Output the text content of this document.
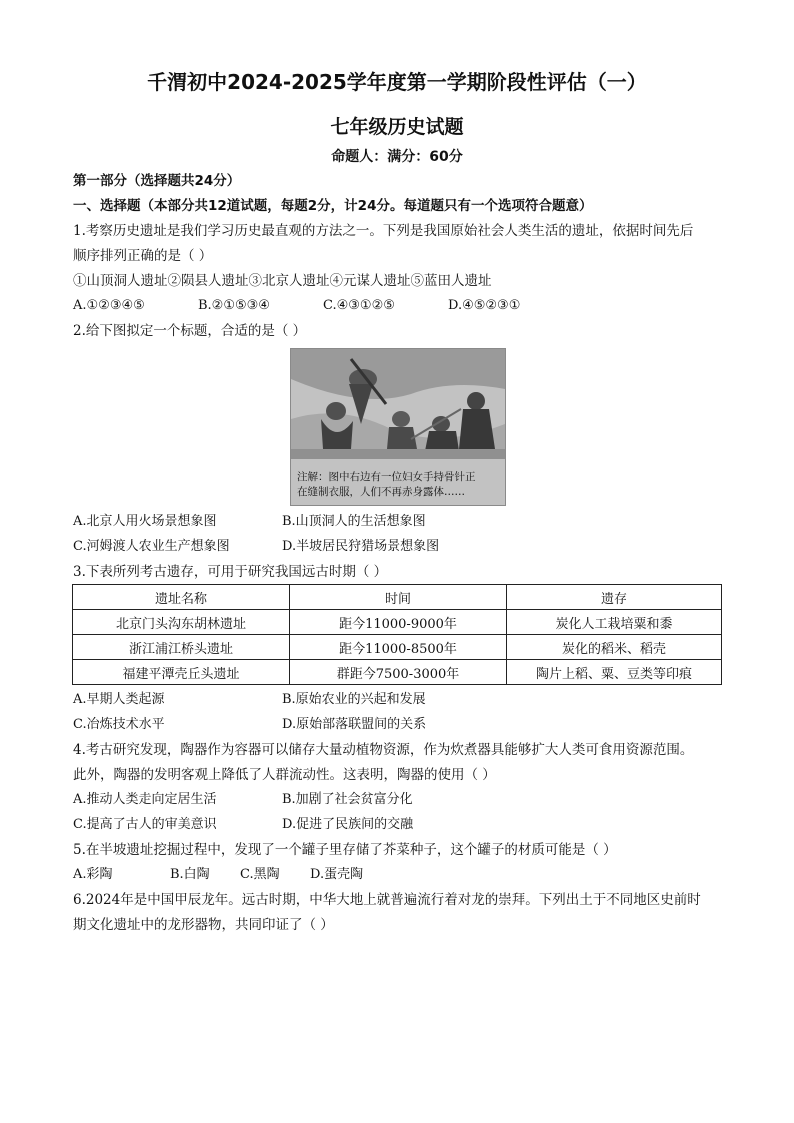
千渭初中2024-2025学年度第一学期阶段性评估（一）
七年级历史试题
命题人：满分：60分
第一部分（选择题共24分）
一、选择题（本部分共12道试题，每题2分，计24分。每道题只有一个选项符合题意）
1.考察历史遗址是我们学习历史最直观的方法之一。下列是我国原始社会人类生活的遗址，依据时间先后
顺序排列正确的是（ ）
①山顶洞人遗址②陨县人遗址③北京人遗址④元谋人遗址⑤蓝田人遗址
A.①②③④⑤	B.②①⑤③④	C.④③①②⑤	D.④⑤②③①
2.给下图拟定一个标题，合适的是（ ）
注解：图中右边有一位妇女手持骨针正
在缝制衣服，人们不再赤身露体……
A.北京人用火场景想象图	B.山顶洞人的生活想象图
C.河姆渡人农业生产想象图	D.半坡居民狩猎场景想象图
3.下表所列考古遗存，可用于研究我国远古时期（ ）
遗址名称	时间	遗存
北京门头沟东胡林遗址	距今11000-9000年	炭化人工栽培粟和黍
浙江浦江桥头遗址	距今11000-8500年	炭化的稻米、稻壳
福建平潭壳丘头遗址	群距今7500-3000年	陶片上稻、粟、豆类等印痕
A.早期人类起源	B.原始农业的兴起和发展
C.冶炼技术水平	D.原始部落联盟间的关系
4.考古研究发现，陶器作为容器可以储存大量动植物资源，作为炊煮器具能够扩大人类可食用资源范围。
此外，陶器的发明客观上降低了人群流动性。这表明，陶器的使用（ ）
A.推动人类走向定居生活	B.加剧了社会贫富分化
C.提高了古人的审美意识	D.促进了民族间的交融
5.在半坡遗址挖掘过程中，发现了一个罐子里存储了芥菜种子，这个罐子的材质可能是（ ）
A.彩陶	B.白陶 C.黑陶 D.蛋壳陶
6.2024年是中国甲辰龙年。远古时期，中华大地上就普遍流行着对龙的崇拜。下列出土于不同地区史前时
期文化遗址中的龙形器物，共同印证了（ ）
